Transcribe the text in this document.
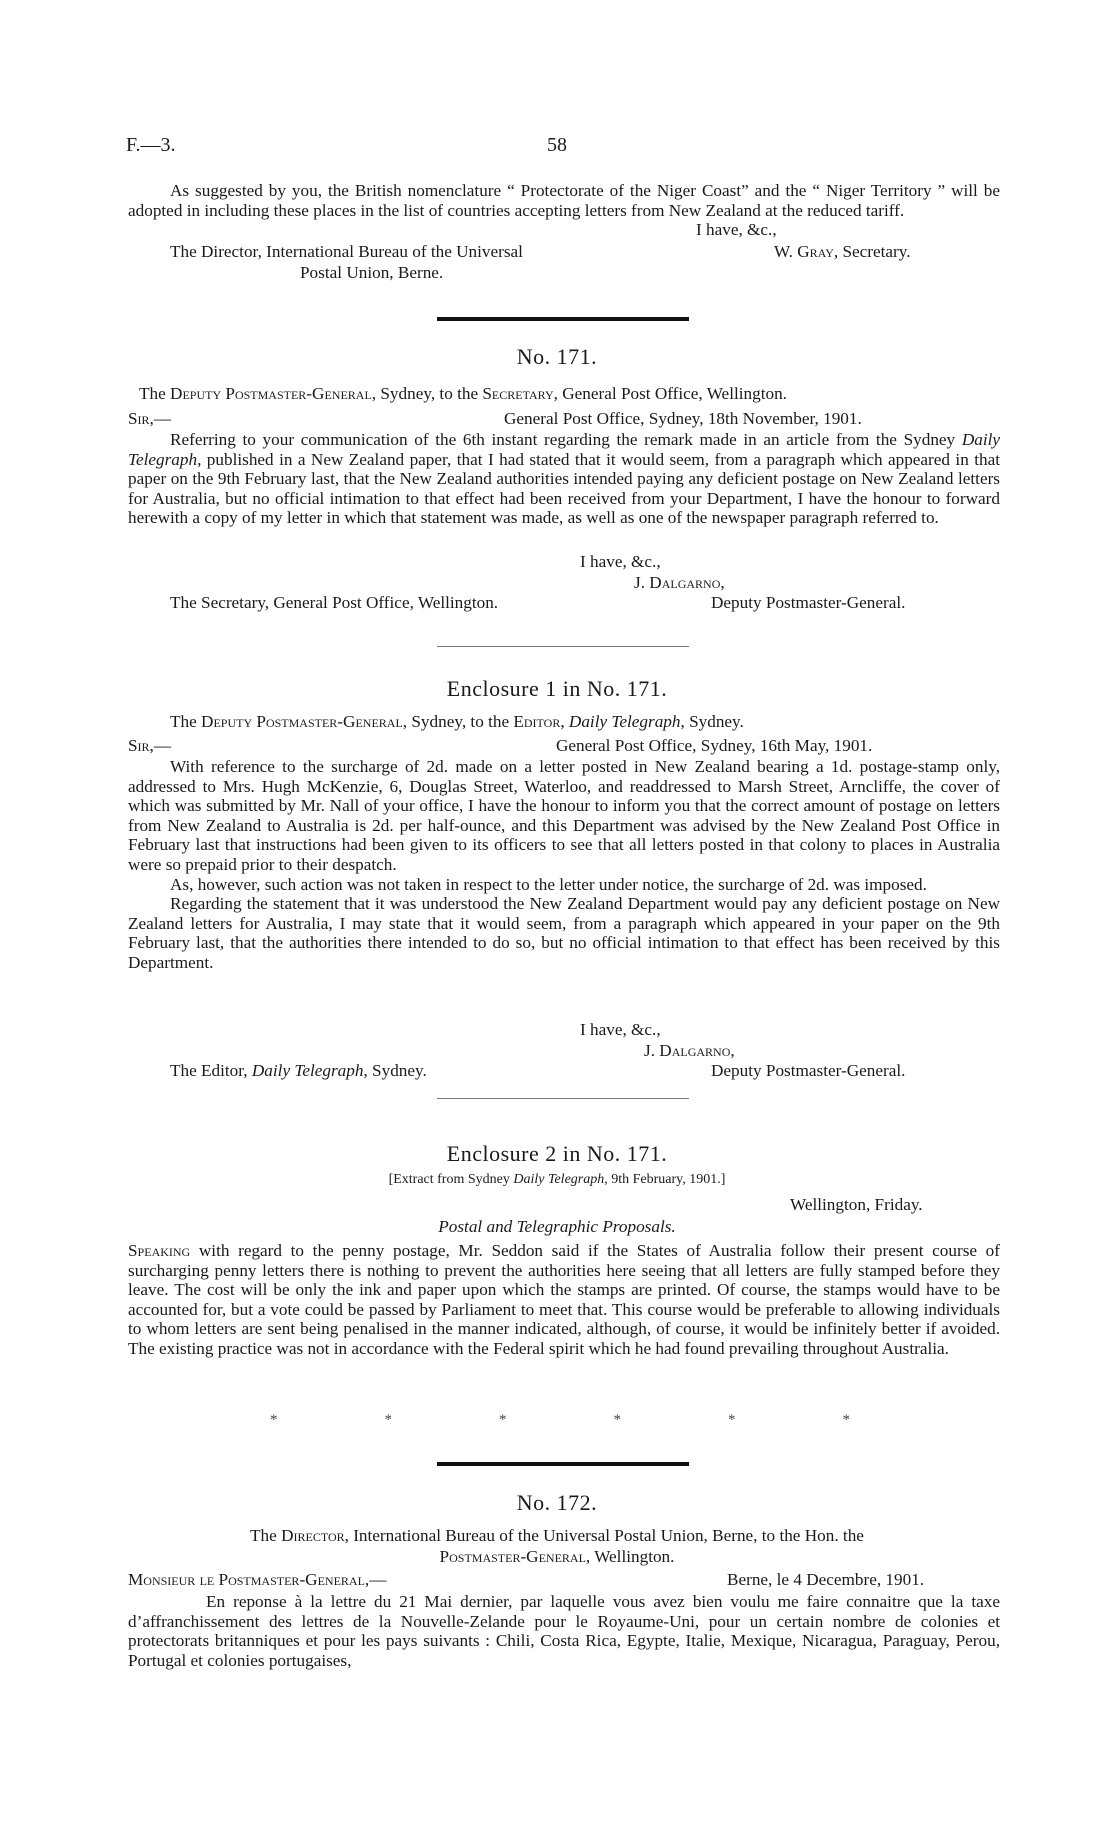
F.—3.	58

As suggested by you, the British nomenclature “ Protectorate of the Niger Coast” and the “ Niger Territory ” will be adopted in including these places in the list of countries accepting letters from New Zealand at the reduced tariff.

I have, &c.,
The Director, International Bureau of the Universal
Postal Union, Berne.
W. Gray, Secretary.
No. 171.
The Deputy Postmaster-General, Sydney, to the Secretary, General Post Office, Wellington.
Sir,—	General Post Office, Sydney, 18th November, 1901.

Referring to your communication of the 6th instant regarding the remark made in an article from the Sydney Daily Telegraph, published in a New Zealand paper, that I had stated that it would seem, from a paragraph which appeared in that paper on the 9th February last, that the New Zealand authorities intended paying any deficient postage on New Zealand letters for Australia, but no official intimation to that effect had been received from your Department, I have the honour to forward herewith a copy of my letter in which that statement was made, as well as one of the newspaper paragraph referred to.

I have, &c.,
J. Dalgarno,
The Secretary, General Post Office, Wellington.	Deputy Postmaster-General.
Enclosure 1 in No. 171.
The Deputy Postmaster-General, Sydney, to the Editor, Daily Telegraph, Sydney.
Sir,—	General Post Office, Sydney, 16th May, 1901.

With reference to the surcharge of 2d. made on a letter posted in New Zealand bearing a 1d. postage-stamp only, addressed to Mrs. Hugh McKenzie, 6, Douglas Street, Waterloo, and readdressed to Marsh Street, Arncliffe, the cover of which was submitted by Mr. Nall of your office, I have the honour to inform you that the correct amount of postage on letters from New Zealand to Australia is 2d. per half-ounce, and this Department was advised by the New Zealand Post Office in February last that instructions had been given to its officers to see that all letters posted in that colony to places in Australia were so prepaid prior to their despatch.

As, however, such action was not taken in respect to the letter under notice, the surcharge of 2d. was imposed.

Regarding the statement that it was understood the New Zealand Department would pay any deficient postage on New Zealand letters for Australia, I may state that it would seem, from a paragraph which appeared in your paper on the 9th February last, that the authorities there intended to do so, but no official intimation to that effect has been received by this Department.

I have, &c.,
J. Dalgarno,
The Editor, Daily Telegraph, Sydney.	Deputy Postmaster-General.
Enclosure 2 in No. 171.
[Extract from Sydney Daily Telegraph, 9th February, 1901.]
Wellington, Friday.
Postal and Telegraphic Proposals.

Speaking with regard to the penny postage, Mr. Seddon said if the States of Australia follow their present course of surcharging penny letters there is nothing to prevent the authorities here seeing that all letters are fully stamped before they leave. The cost will be only the ink and paper upon which the stamps are printed. Of course, the stamps would have to be accounted for, but a vote could be passed by Parliament to meet that. This course would be preferable to allowing individuals to whom letters are sent being penalised in the manner indicated, although, of course, it would be infinitely better if avoided. The existing practice was not in accordance with the Federal spirit which he had found prevailing throughout Australia.

*	*	*	*	*	*
No. 172.
The Director, International Bureau of the Universal Postal Union, Berne, to the Hon. the
Postmaster-General, Wellington.
Monsieur le Postmaster-General,—	Berne, le 4 Decembre, 1901.

En reponse à la lettre du 21 Mai dernier, par laquelle vous avez bien voulu me faire connaitre que la taxe d’affranchissement des lettres de la Nouvelle-Zelande pour le Royaume-Uni, pour un certain nombre de colonies et protectorats britanniques et pour les pays suivants : Chili, Costa Rica, Egypte, Italie, Mexique, Nicaragua, Paraguay, Perou, Portugal et colonies portugaises,
